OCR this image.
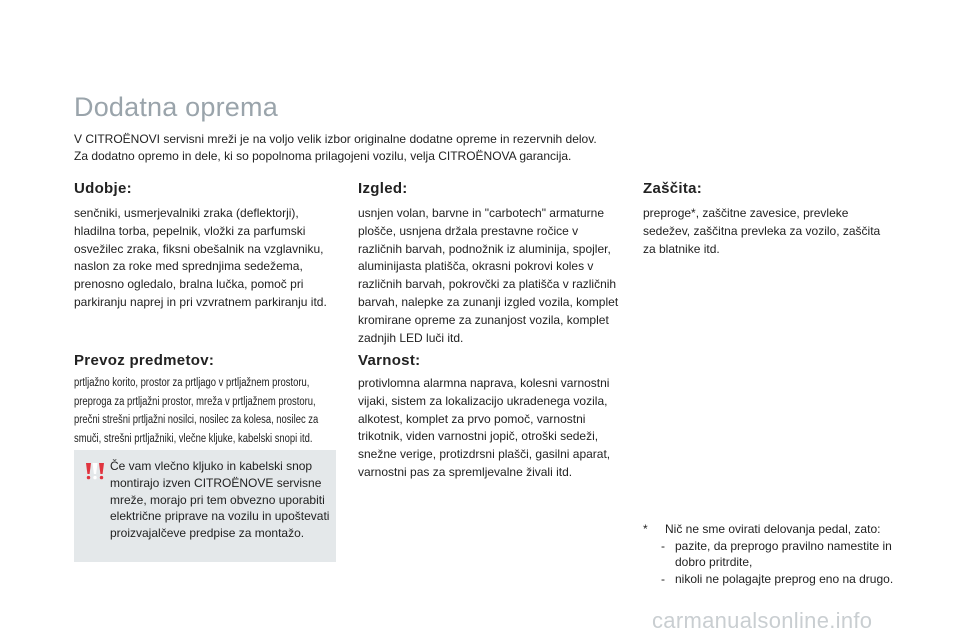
Dodatna oprema

V CITROËNOVI servisni mreži je na voljo velik izbor originalne dodatne opreme in rezervnih delov.

Za dodatno opremo in dele, ki so popolnoma prilagojeni vozilu, velja CITROËNOVA garancija.

Udobje:

senčniki, usmerjevalniki zraka (deflektorji), hladilna torba, pepelnik, vložki za parfumski osvežilec zraka, fiksni obešalnik na vzglavniku, naslon za roke med sprednjima sedežema, prenosno ogledalo, bralna lučka, pomoč pri parkiranju naprej in pri vzvratnem parkiranju itd.

Prevoz predmetov:

prtljažno korito, prostor za prtljago v prtljažnem prostoru, preproga za prtljažni prostor, mreža v prtljažnem prostoru, prečni strešni prtljažni nosilci, nosilec za kolesa, nosilec za smuči, strešni prtljažniki, vlečne kljuke, kabelski snopi itd.

Če vam vlečno kljuko in kabelski snop montirajo izven CITROËNOVE servisne mreže, morajo pri tem obvezno uporabiti električne priprave na vozilu in upoštevati proizvajalčeve predpise za montažo.

Izgled:

usnjen volan, barvne in "carbotech" armaturne plošče, usnjena držala prestavne ročice v različnih barvah, podnožnik iz aluminija, spojler, aluminijasta platišča, okrasni pokrovi koles v različnih barvah, pokrovčki za platišča v različnih barvah, nalepke za zunanji izgled vozila, komplet kromirane opreme za zunanjost vozila, komplet zadnjih LED luči itd.

Varnost:

protivlomna alarmna naprava, kolesni varnostni vijaki, sistem za lokalizacijo ukradenega vozila, alkotest, komplet za prvo pomoč, varnostni trikotnik, viden varnostni jopič, otroški sedeži, snežne verige, protizdrsni plašči, gasilni aparat, varnostni pas za spremljevalne živali itd.

Zaščita:

preproge*, zaščitne zavesice, prevleke sedežev, zaščitna prevleka za vozilo, zaščita za blatnike itd.

*	Nič ne sme ovirati delovanja pedal, zato:
- pazite, da preprogo pravilno namestite in dobro pritrdite,
- nikoli ne polagajte preprog eno na drugo.
carmanualsonline.info
